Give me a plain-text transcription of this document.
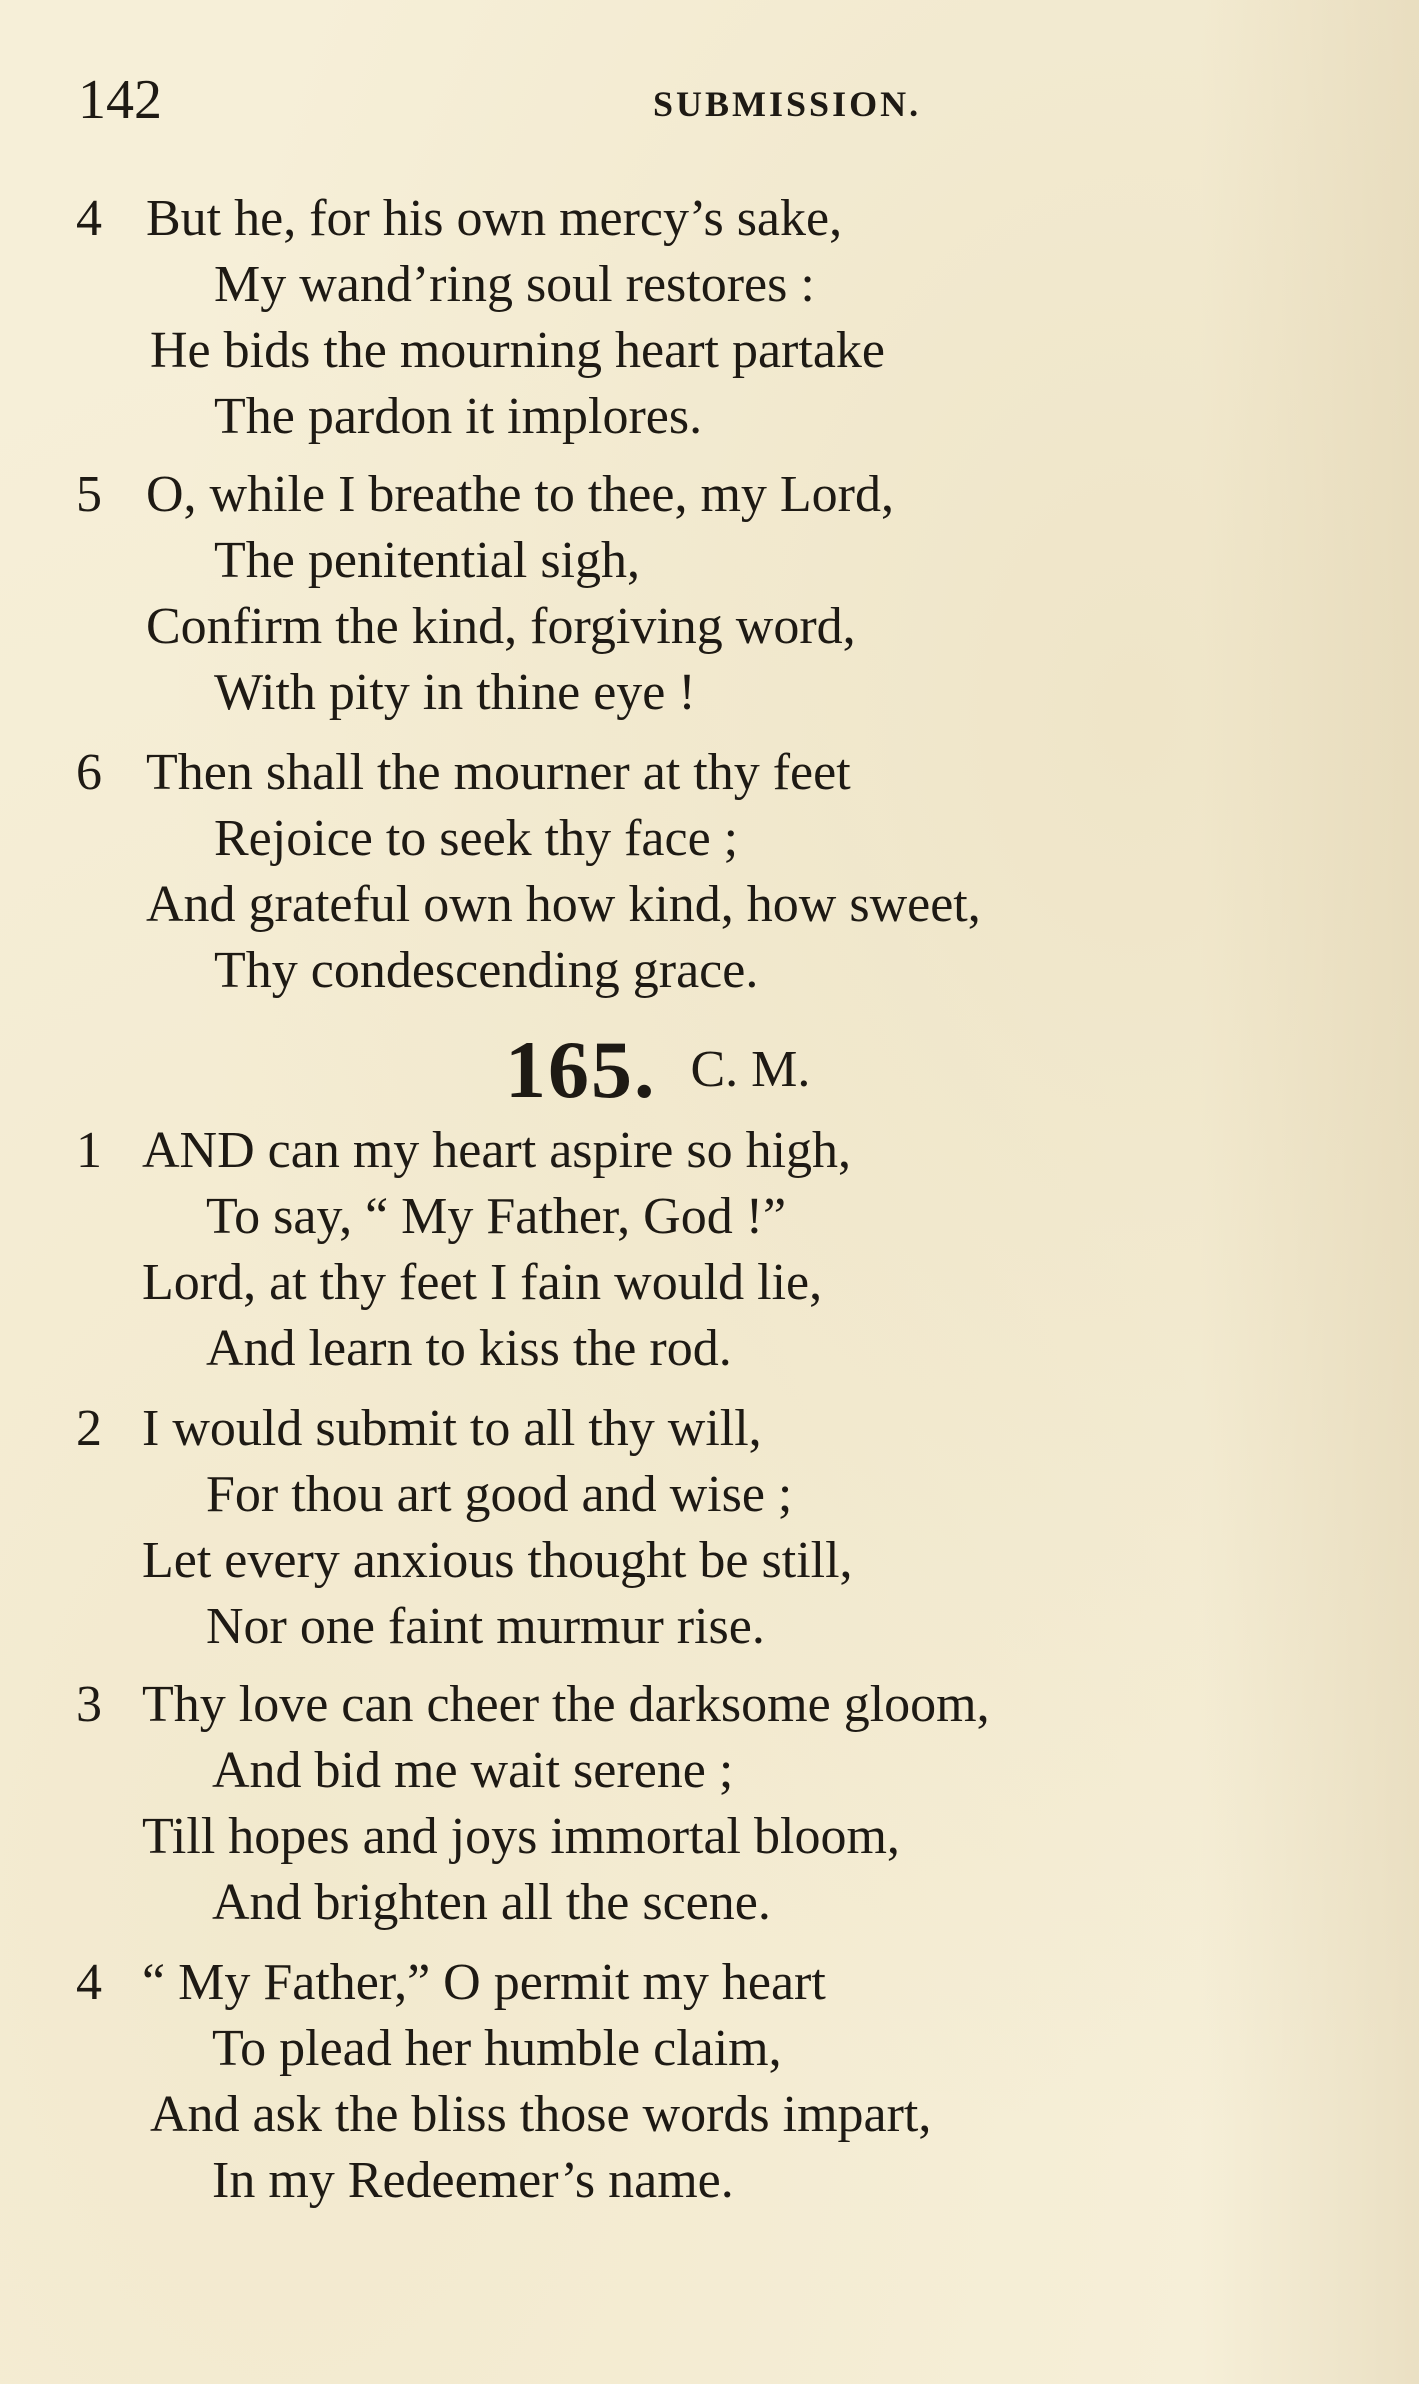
142	SUBMISSION.
4 But he, for his own mercy’s sake,
My wand’ring soul restores :
He bids the mourning heart partake
The pardon it implores.
5 O, while I breathe to thee, my Lord,
The penitential sigh,
Confirm the kind, forgiving word,
With pity in thine eye !
6 Then shall the mourner at thy feet
Rejoice to seek thy face ;
And grateful own how kind, how sweet,
Thy condescending grace.
165. C. M.
1 AND can my heart aspire so high,
To say, “ My Father, God !”
Lord, at thy feet I fain would lie,
And learn to kiss the rod.
2 I would submit to all thy will,
For thou art good and wise ;
Let every anxious thought be still,
Nor one faint murmur rise.
3 Thy love can cheer the darksome gloom,
And bid me wait serene ;
Till hopes and joys immortal bloom,
And brighten all the scene.
4 “ My Father,” O permit my heart
To plead her humble claim,
And ask the bliss those words impart,
In my Redeemer’s name.
